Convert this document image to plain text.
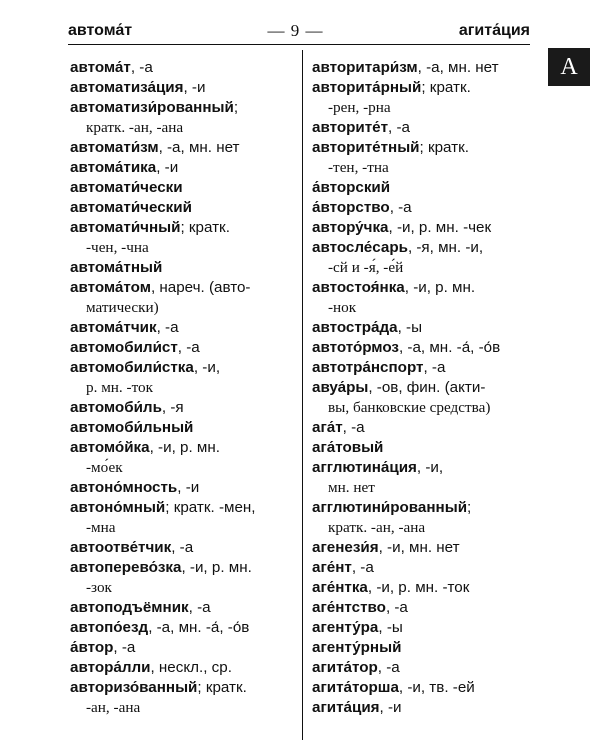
автома́т	— 9 —	агита́ция
А
автома́т, -а
автоматиза́ция, -и
автоматизи́рованный;
кратк. -ан, -ана
автомати́зм, -а, мн. нет
автома́тика, -и
автомати́чески
автомати́ческий
автомати́чный; кратк.
-чен, -чна
автома́тный
автома́том, нареч. (авто-
матически)
автома́тчик, -а
автомобили́ст, -а
автомобили́стка, -и,
р. мн. -ток
автомоби́ль, -я
автомоби́льный
автомо́йка, -и, р. мн.
-мо́ек
автоно́мность, -и
автоно́мный; кратк. -мен,
-мна
автоотве́тчик, -а
автоперево́зка, -и, р. мн.
-зок
автоподъёмник, -а
автопо́езд, -а, мн. -а́, -о́в
а́втор, -а
автора́лли, нескл., ср.
авторизо́ванный; кратк.
-ан, -ана
авторитари́зм, -а, мн. нет
авторита́рный; кратк.
-рен, -рна
авторите́т, -а
авторите́тный; кратк.
-тен, -тна
а́вторский
а́вторство, -а
автору́чка, -и, р. мн. -чек
автосле́сарь, -я, мн. -и,
-сй и -я́, -е́й
автостоя́нка, -и, р. мн.
-нок
автостра́да, -ы
автото́рмоз, -а, мн. -а́, -о́в
автотра́нспорт, -а
авуа́ры, -ов, фин. (акти-
вы, банковские средства)
ага́т, -а
ага́товый
агглютина́ция, -и,
мн. нет
агглютини́рованный;
кратк. -ан, -ана
агенези́я, -и, мн. нет
аге́нт, -а
аге́нтка, -и, р. мн. -ток
аге́нтство, -а
агенту́ра, -ы
агенту́рный
агита́тор, -а
агита́торша, -и, тв. -ей
агита́ция, -и
